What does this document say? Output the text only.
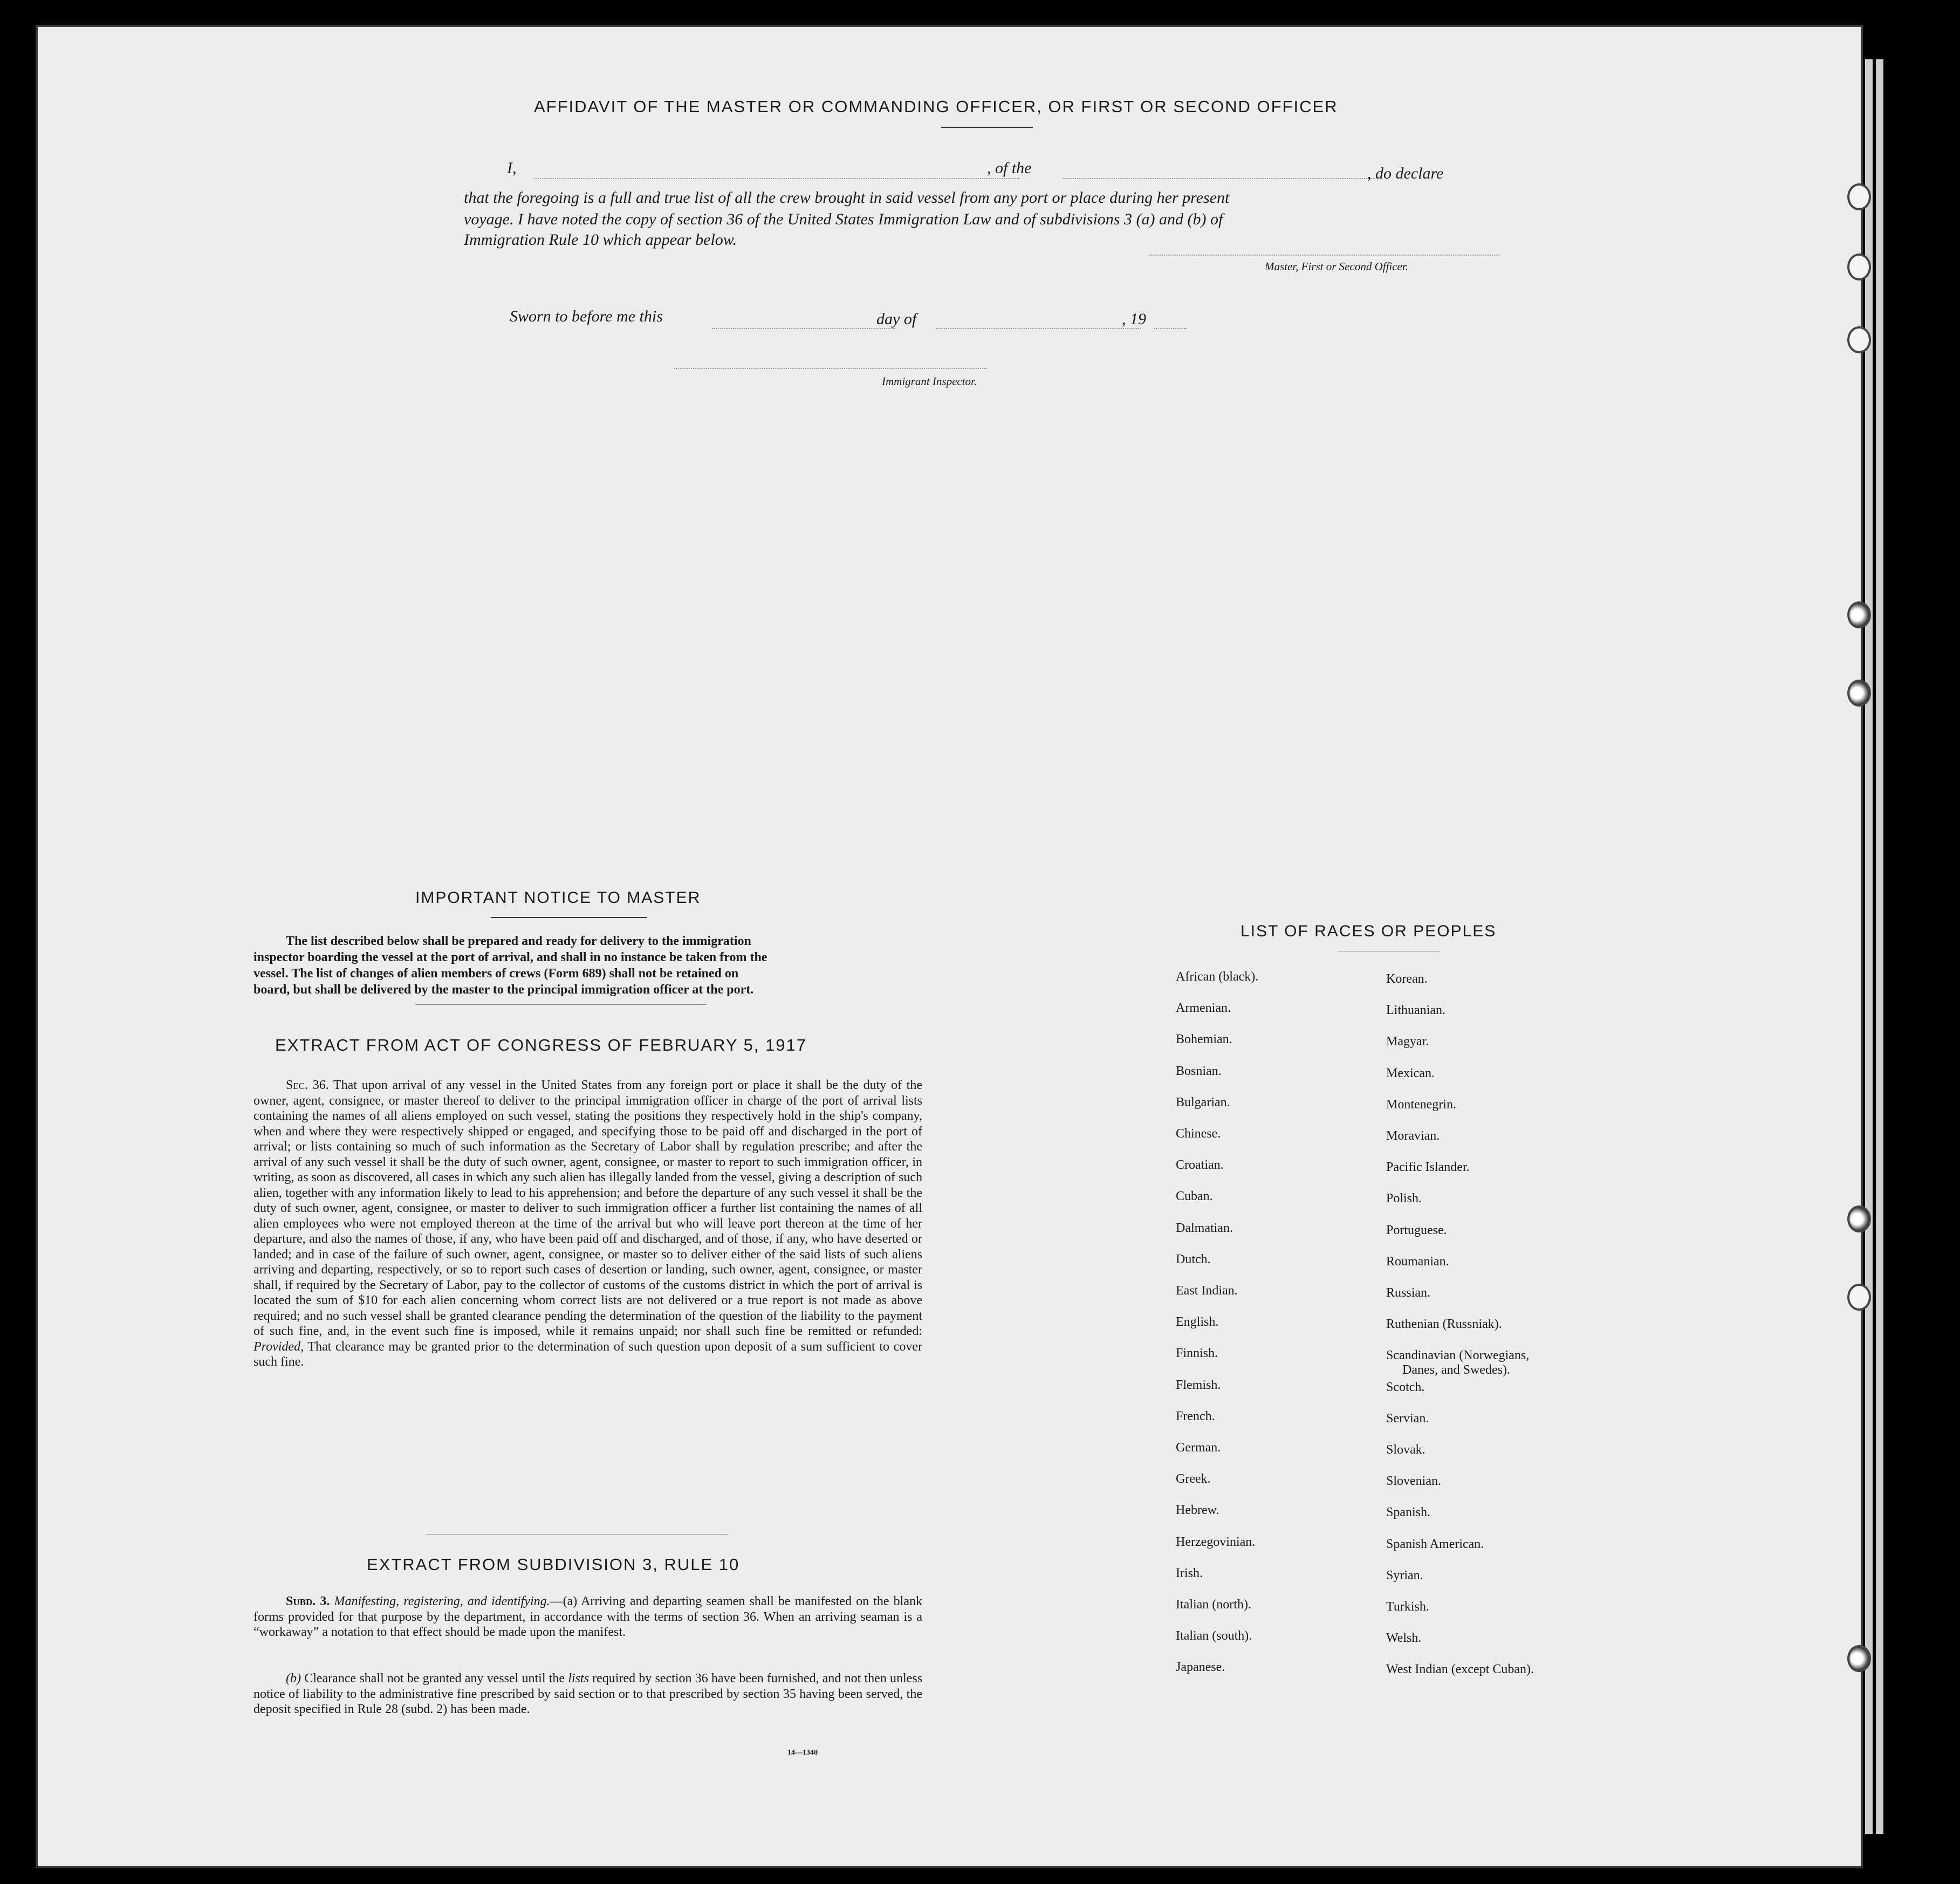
AFFIDAVIT OF THE MASTER OR COMMANDING OFFICER, OR FIRST OR SECOND OFFICER
I,	, of the	, do declare
that the foregoing is a full and true list of all the crew brought in said vessel from any port or place during her present
voyage. I have noted the copy of section 36 of the United States Immigration Law and of subdivisions 3 (a) and (b) of
Immigration Rule 10 which appear below.
Master, First or Second Officer.
Sworn to before me this	day of	, 19
Immigrant Inspector.
IMPORTANT NOTICE TO MASTER
The list described below shall be prepared and ready for delivery to the immigration
inspector boarding the vessel at the port of arrival, and shall in no instance be taken from the
vessel. The list of changes of alien members of crews (Form 689) shall not be retained on
board, but shall be delivered by the master to the principal immigration officer at the port.
EXTRACT FROM ACT OF CONGRESS OF FEBRUARY 5, 1917
Sec. 36. That upon arrival of any vessel in the United States from any foreign port or place it shall be the duty of the owner, agent, consignee, or master thereof to deliver to the principal immigration officer in charge of the port of arrival lists containing the names of all aliens employed on such vessel, stating the positions they respectively hold in the ship's company, when and where they were respectively shipped or engaged, and specifying those to be paid off and discharged in the port of arrival; or lists containing so much of such information as the Secretary of Labor shall by regulation prescribe; and after the arrival of any such vessel it shall be the duty of such owner, agent, consignee, or master to report to such immigration officer, in writing, as soon as discovered, all cases in which any such alien has illegally landed from the vessel, giving a description of such alien, together with any information likely to lead to his apprehension; and before the departure of any such vessel it shall be the duty of such owner, agent, consignee, or master to deliver to such immigration officer a further list containing the names of all alien employees who were not employed thereon at the time of the arrival but who will leave port thereon at the time of her departure, and also the names of those, if any, who have been paid off and discharged, and of those, if any, who have deserted or landed; and in case of the failure of such owner, agent, consignee, or master so to deliver either of the said lists of such aliens arriving and departing, respectively, or so to report such cases of desertion or landing, such owner, agent, consignee, or master shall, if required by the Secretary of Labor, pay to the collector of customs of the customs district in which the port of arrival is located the sum of $10 for each alien concerning whom correct lists are not delivered or a true report is not made as above required; and no such vessel shall be granted clearance pending the determination of the question of the liability to the payment of such fine, and, in the event such fine is imposed, while it remains unpaid; nor shall such fine be remitted or refunded: Provided, That clearance may be granted prior to the determination of such question upon deposit of a sum sufficient to cover such fine.
EXTRACT FROM SUBDIVISION 3, RULE 10
Subd. 3. Manifesting, registering, and identifying.—(a) Arriving and departing seamen shall be manifested on the blank forms provided for that purpose by the department, in accordance with the terms of section 36. When an arriving seaman is a “workaway” a notation to that effect should be made upon the manifest.
(b) Clearance shall not be granted any vessel until the lists required by section 36 have been furnished, and not then unless notice of liability to the administrative fine prescribed by said section or to that prescribed by section 35 having been served, the deposit specified in Rule 28 (subd. 2) has been made.
14—1340
LIST OF RACES OR PEOPLES
African (black).
Armenian.
Bohemian.
Bosnian.
Bulgarian.
Chinese.
Croatian.
Cuban.
Dalmatian.
Dutch.
East Indian.
English.
Finnish.
Flemish.
French.
German.
Greek.
Hebrew.
Herzegovinian.
Irish.
Italian (north).
Italian (south).
Japanese.
Korean.
Lithuanian.
Magyar.
Mexican.
Montenegrin.
Moravian.
Pacific Islander.
Polish.
Portuguese.
Roumanian.
Russian.
Ruthenian (Russniak).
Scandinavian (Norwegians,
Scotch.
Servian.
Slovak.
Slovenian.
Spanish.
Spanish American.
Syrian.
Turkish.
Welsh.
West Indian (except Cuban).
Danes, and Swedes).
